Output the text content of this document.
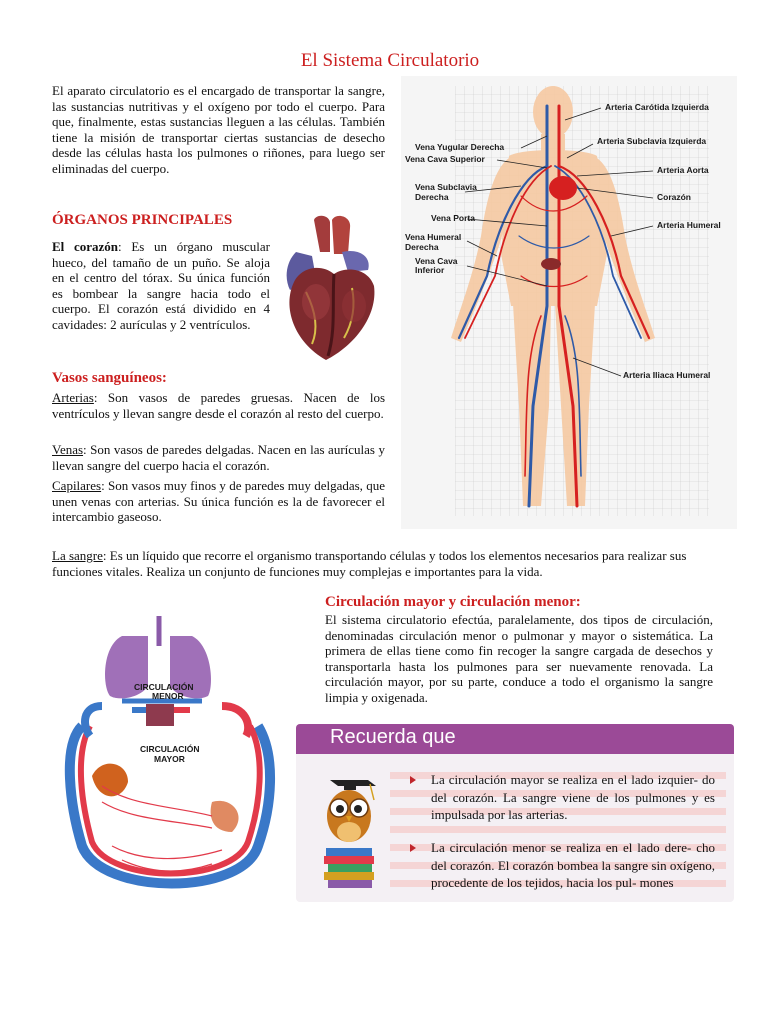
El Sistema Circulatorio

El aparato circulatorio es el encargado de transportar la sangre, las sustancias nutritivas y el oxígeno por todo el cuerpo. Para que, finalmente, estas sustancias lleguen a las células. También tiene la misión de transportar ciertas sustancias de desecho desde las células hasta los pulmones o riñones, para luego ser eliminadas del cuerpo.

ÓRGANOS PRINCIPALES

El corazón: Es un órgano muscular hueco, del tamaño de un puño. Se aloja en el centro del tórax. Su única función es bombear la sangre hacia todo el cuerpo. El corazón está dividido en 4 cavidades: 2 aurículas y 2 ventrículos.

Vasos sanguíneos:

Arterias: Son vasos de paredes gruesas. Nacen de los ventrículos y llevan sangre desde el corazón al resto del cuerpo.

Venas: Son vasos de paredes delgadas. Nacen en las aurículas y llevan sangre del cuerpo hacia el corazón.

Capilares: Son vasos muy finos y de paredes muy delgadas, que unen venas con arterias. Su única función es la de favorecer el intercambio gaseoso.

Arteria Carótida Izquierda
Arteria Subclavia Izquierda
Vena Yugular Derecha
Vena Cava Superior
Arteria Aorta
Vena Subclavia
Derecha	Corazón
Vena Porta
Arteria Humeral
Vena Humeral
Derecha
Vena Cava
Inferior
Arteria Iliaca Humeral

La sangre: Es un líquido que recorre el organismo transportando células y todos los elementos necesarios para realizar sus funciones vitales. Realiza un conjunto de funciones muy complejas e importantes para la vida.

CIRCULACIÓN
MENOR
CIRCULACIÓN
MAYOR
Circulación mayor y circulación menor:

El sistema circulatorio efectúa, paralelamente, dos tipos de circulación, denominadas circulación menor o pulmonar y mayor o sistemática. La primera de ellas tiene como fin recoger la sangre cargada de desechos y transportarla hasta los pulmones para ser nuevamente renovada. La circulación mayor, por su parte, conduce a todo el organismo la sangre limpia y oxigenada.

Recuerda que

La circulación mayor se realiza en el lado izquier- do del corazón. La sangre viene de los pulmones y es impulsada por las arterias.

La circulación menor se realiza en el lado dere- cho del corazón. El corazón bombea la sangre sin oxígeno, procedente de los tejidos, hacia los pul- mones
